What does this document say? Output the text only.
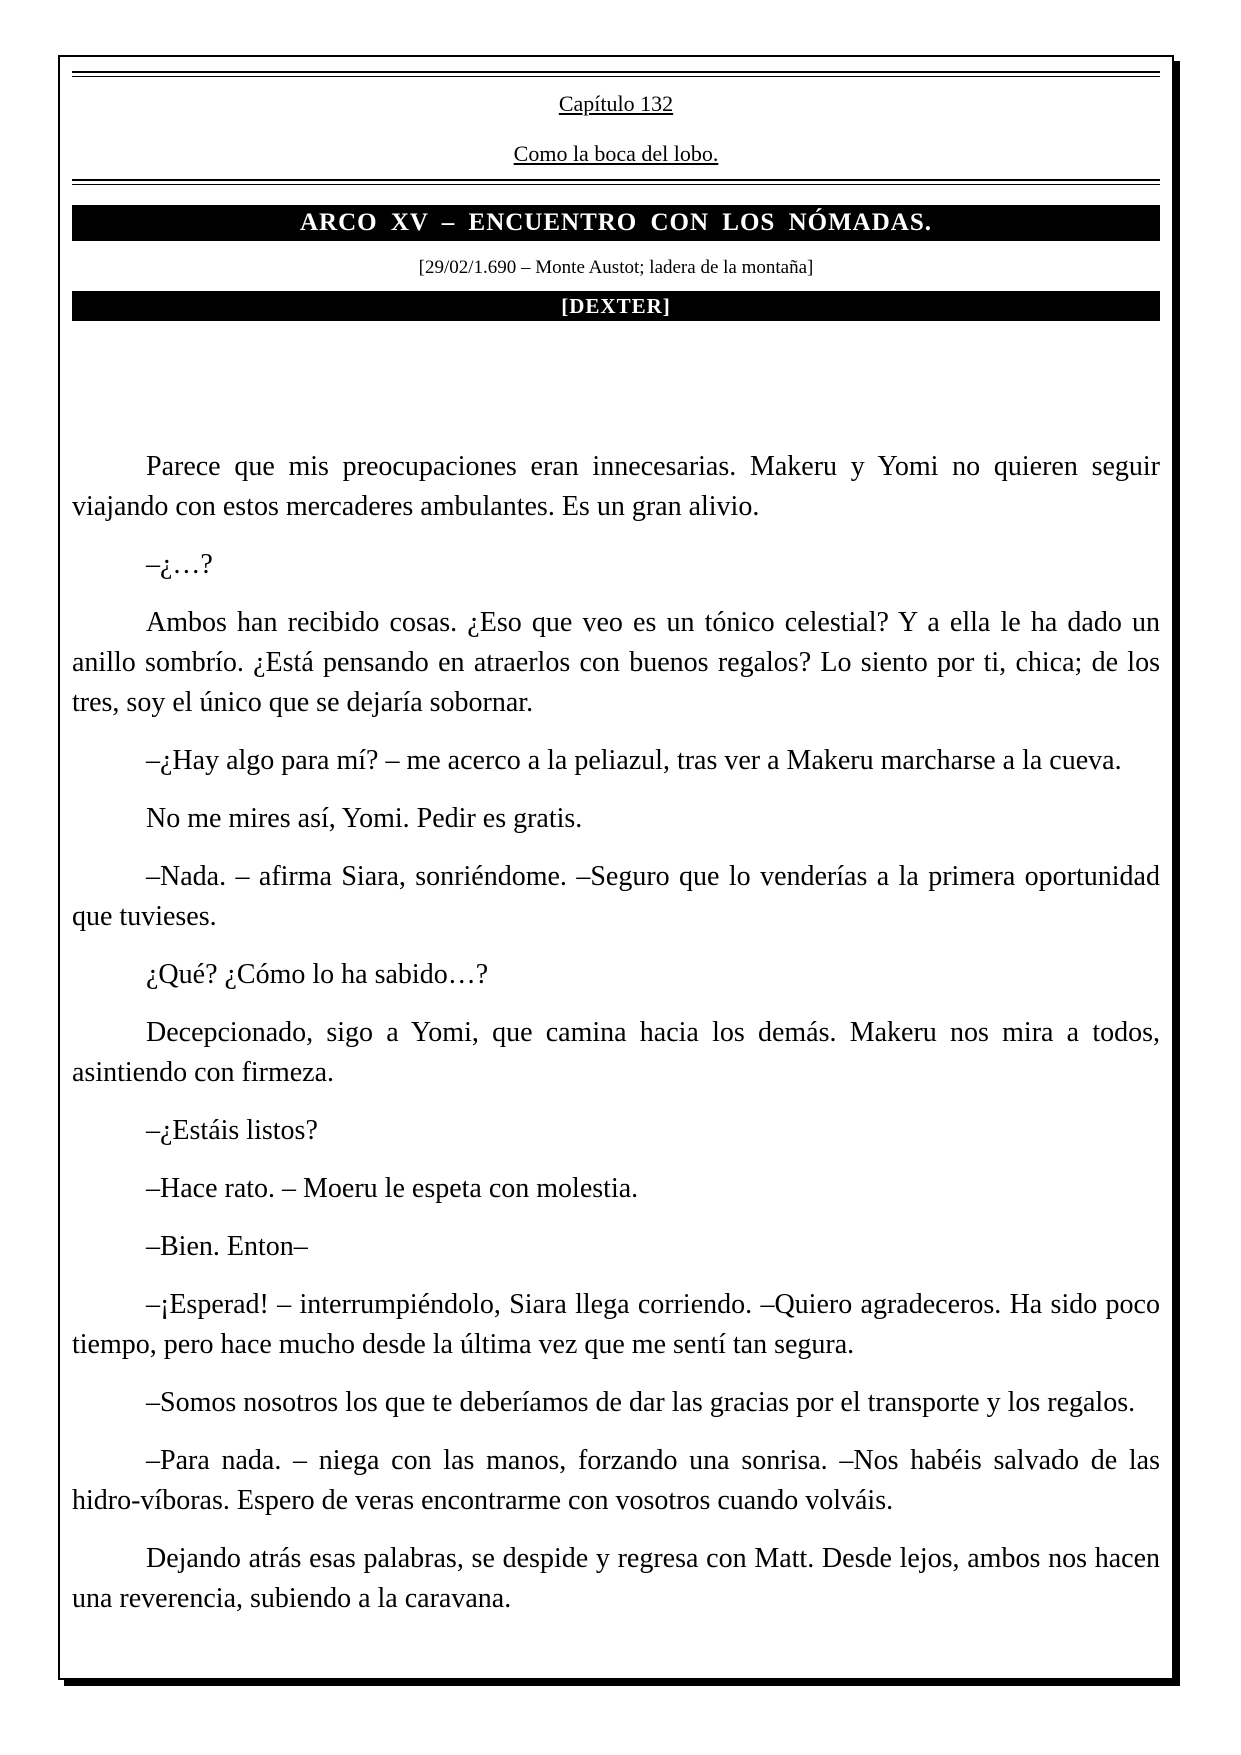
Capítulo 132
Como la boca del lobo.
ARCO XV – ENCUENTRO CON LOS NÓMADAS.
[29/02/1.690 – Monte Austot; ladera de la montaña]
[DEXTER]

Parece que mis preocupaciones eran innecesarias. Makeru y Yomi no quieren seguir viajando con estos mercaderes ambulantes. Es un gran alivio.

–¿…?

Ambos han recibido cosas. ¿Eso que veo es un tónico celestial? Y a ella le ha dado un anillo sombrío. ¿Está pensando en atraerlos con buenos regalos? Lo siento por ti, chica; de los tres, soy el único que se dejaría sobornar.

–¿Hay algo para mí? – me acerco a la peliazul, tras ver a Makeru marcharse a la cueva.

No me mires así, Yomi. Pedir es gratis.

–Nada. – afirma Siara, sonriéndome. –Seguro que lo venderías a la primera oportunidad que tuvieses.

¿Qué? ¿Cómo lo ha sabido…?

Decepcionado, sigo a Yomi, que camina hacia los demás. Makeru nos mira a todos, asintiendo con firmeza.

–¿Estáis listos?

–Hace rato. – Moeru le espeta con molestia.

–Bien. Enton–

–¡Esperad! – interrumpiéndolo, Siara llega corriendo. –Quiero agradeceros. Ha sido poco tiempo, pero hace mucho desde la última vez que me sentí tan segura.

–Somos nosotros los que te deberíamos de dar las gracias por el transporte y los regalos.

–Para nada. – niega con las manos, forzando una sonrisa. –Nos habéis salvado de las hidro-víboras. Espero de veras encontrarme con vosotros cuando volváis.

Dejando atrás esas palabras, se despide y regresa con Matt. Desde lejos, ambos nos hacen una reverencia, subiendo a la caravana.
